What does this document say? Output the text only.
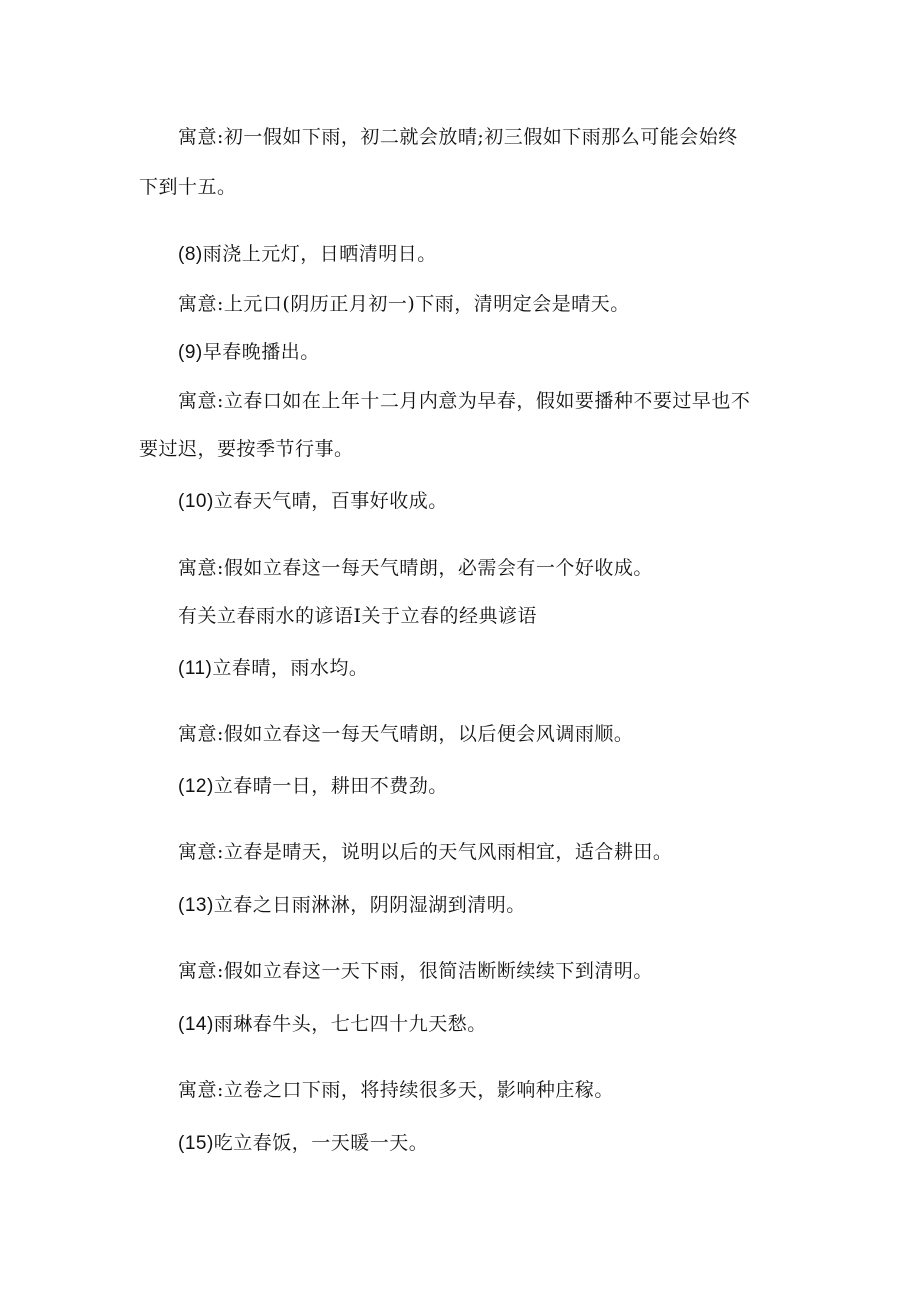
寓意:初一假如下雨，初二就会放晴;初三假如下雨那么可能会始终
下到十五。
(8)雨浇上元灯，日晒清明日。
寓意:上元口(阴历正月初一)下雨，清明定会是晴天。
(9)早春晚播出。
寓意:立春口如在上年十二月内意为早春，假如要播种不要过早也不
要过迟，要按季节行事。
(10)立春天气晴，百事好收成。
寓意:假如立春这一每天气晴朗，必需会有一个好收成。
有关立春雨水的谚语I关于立春的经典谚语
(11)立春晴，雨水均。
寓意:假如立春这一每天气晴朗，以后便会风调雨顺。
(12)立春晴一日，耕田不费劲。
寓意:立春是晴天，说明以后的天气风雨相宜，适合耕田。
(13)立春之日雨淋淋，阴阴湿湖到清明。
寓意:假如立春这一天下雨，很简洁断断续续下到清明。
(14)雨琳春牛头，七七四十九天愁。
寓意:立卷之口下雨，将持续很多天，影响种庄稼。
(15)吃立春饭，一天暖一天。
